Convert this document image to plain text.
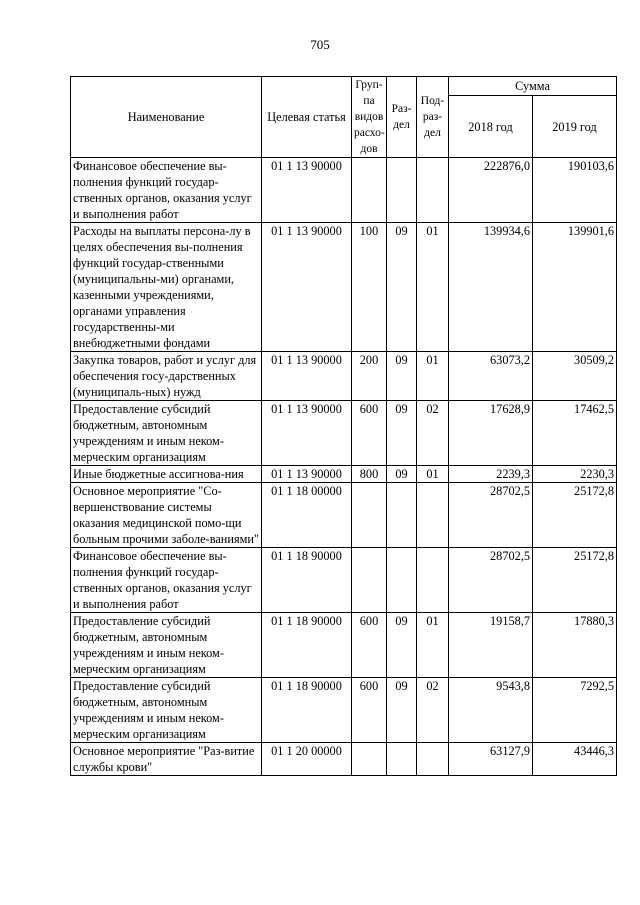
705
Наименование	Целевая статья	Груп-па видов расхо-дов	Раз-дел	Под-раз-дел	Сумма	
					2018 год	2019 год
Финансовое обеспечение вы-полнения функций государ-ственных органов, оказания услуг и выполнения работ	01 1 13 90000				222876,0	190103,6
Расходы на выплаты персона-лу в целях обеспечения вы-полнения функций государ-ственными (муниципальны-ми) органами, казенными учреждениями, органами управления государственны-ми внебюджетными фондами	01 1 13 90000	100	09	01	139934,6	139901,6
Закупка товаров, работ и услуг для обеспечения госу-дарственных (муниципаль-ных) нужд	01 1 13 90000	200	09	01	63073,2	30509,2
Предоставление субсидий бюджетным, автономным учреждениям и иным неком-мерческим организациям	01 1 13 90000	600	09	02	17628,9	17462,5
Иные бюджетные ассигнова-ния	01 1 13 90000	800	09	01	2239,3	2230,3
Основное мероприятие "Со-вершенствование системы оказания медицинской помо-щи больным прочими заболе-ваниями"	01 1 18 00000				28702,5	25172,8
Финансовое обеспечение вы-полнения функций государ-ственных органов, оказания услуг и выполнения работ	01 1 18 90000				28702,5	25172,8
Предоставление субсидий бюджетным, автономным учреждениям и иным неком-мерческим организациям	01 1 18 90000	600	09	01	19158,7	17880,3
Предоставление субсидий бюджетным, автономным учреждениям и иным неком-мерческим организациям	01 1 18 90000	600	09	02	9543,8	7292,5
Основное мероприятие "Раз-витие службы крови"	01 1 20 00000				63127,9	43446,3
